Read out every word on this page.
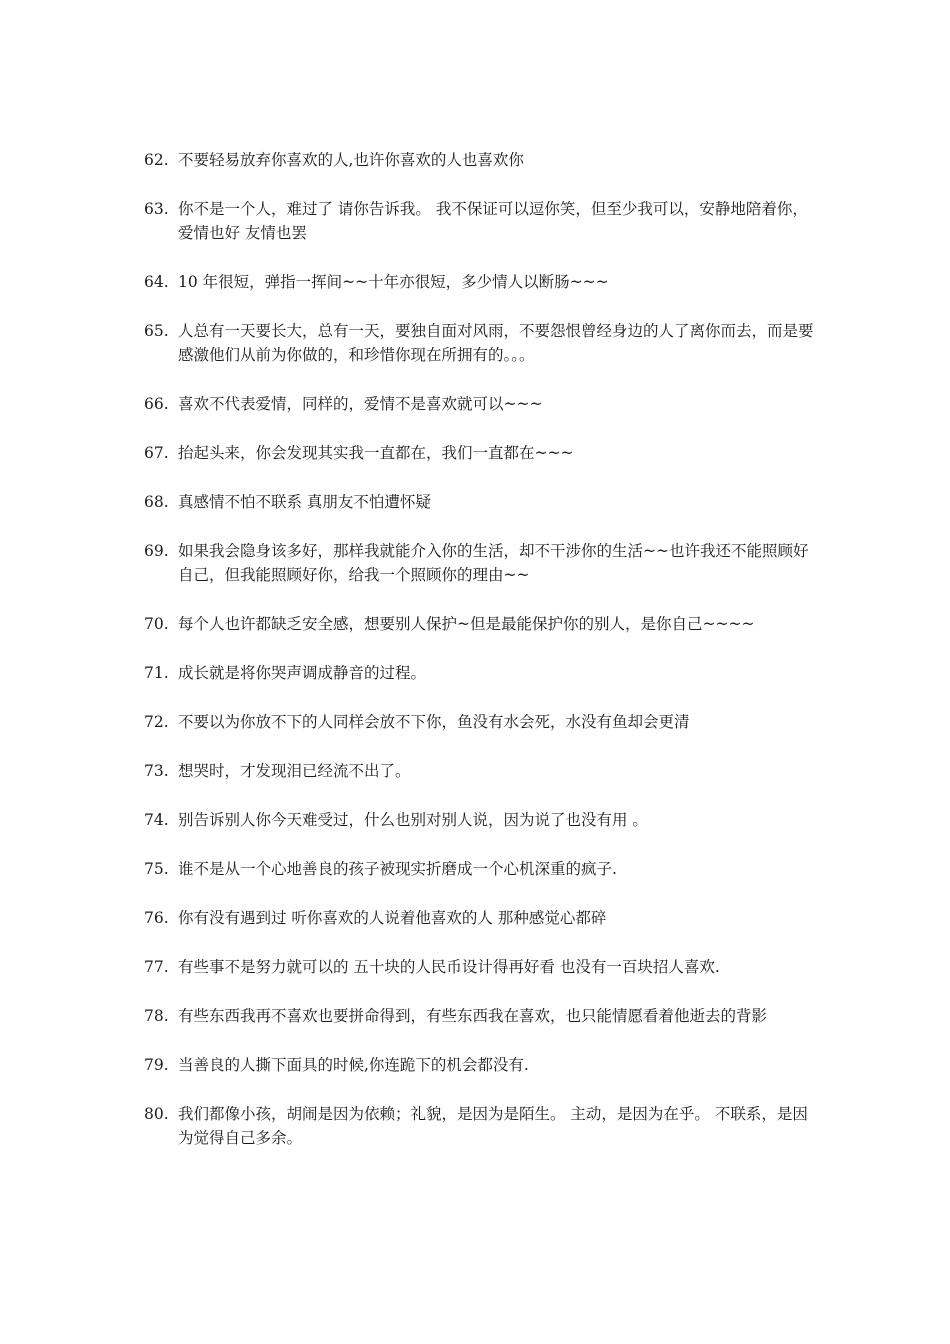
62. 不要轻易放弃你喜欢的人,也许你喜欢的人也喜欢你
63. 你不是一个人，难过了 请你告诉我。 我不保证可以逗你笑，但至少我可以，安静地陪着你，爱情也好 友情也罢
64. 10 年很短，弹指一挥间~~十年亦很短，多少情人以断肠~~~
65. 人总有一天要长大，总有一天，要独自面对风雨，不要怨恨曾经身边的人了离你而去，而是要感激他们从前为你做的，和珍惜你现在所拥有的。。。
66. 喜欢不代表爱情，同样的，爱情不是喜欢就可以~~~
67. 抬起头来，你会发现其实我一直都在，我们一直都在~~~
68. 真感情不怕不联系 真朋友不怕遭怀疑
69. 如果我会隐身该多好，那样我就能介入你的生活，却不干涉你的生活~~也许我还不能照顾好自己，但我能照顾好你，给我一个照顾你的理由~~
70. 每个人也许都缺乏安全感，想要别人保护~但是最能保护你的别人，是你自己~~~~
71. 成长就是将你哭声调成静音的过程。
72. 不要以为你放不下的人同样会放不下你，鱼没有水会死，水没有鱼却会更清
73. 想哭时，才发现泪已经流不出了。
74. 别告诉别人你今天难受过，什么也别对别人说，因为说了也没有用 。
75. 谁不是从一个心地善良的孩子被现实折磨成一个心机深重的疯子.
76. 你有没有遇到过 听你喜欢的人说着他喜欢的人 那种感觉心都碎
77. 有些事不是努力就可以的 五十块的人民币设计得再好看 也没有一百块招人喜欢.
78. 有些东西我再不喜欢也要拼命得到，有些东西我在喜欢，也只能情愿看着他逝去的背影
79. 当善良的人撕下面具的时候,你连跪下的机会都没有.
80. 我们都像小孩，胡闹是因为依赖；礼貌，是因为是陌生。 主动，是因为在乎。 不联系，是因为觉得自己多余。
